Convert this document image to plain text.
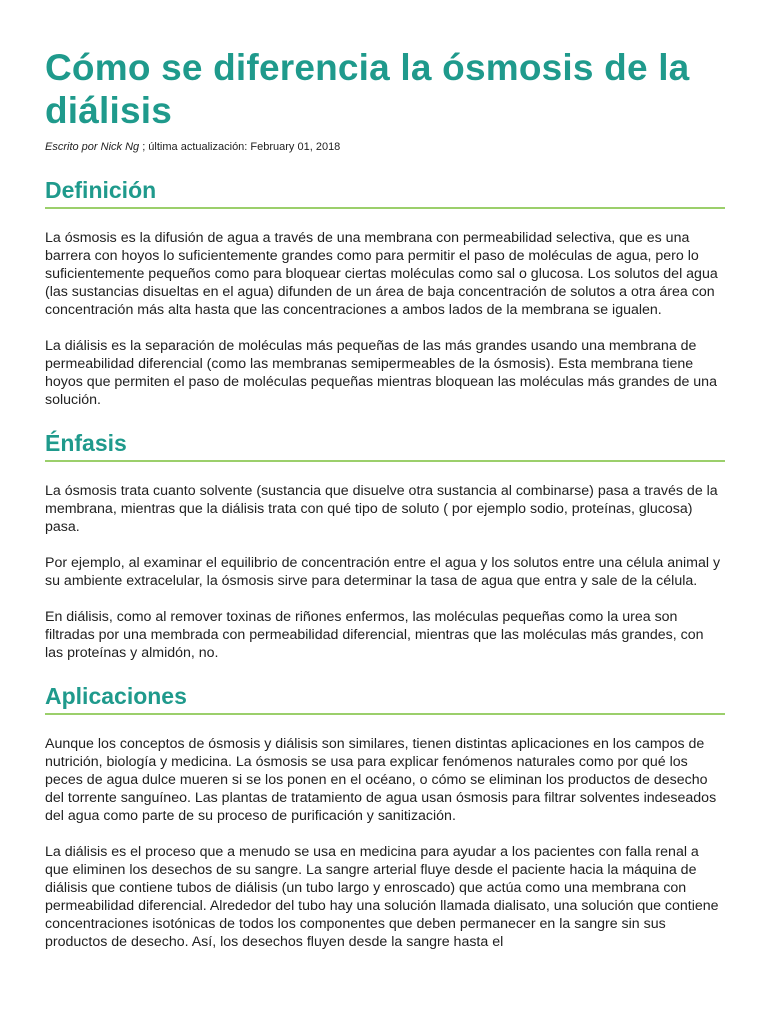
Cómo se diferencia la ósmosis de la diálisis
Escrito por Nick Ng ; última actualización: February 01, 2018
Definición

La ósmosis es la difusión de agua a través de una membrana con permeabilidad selectiva, que es una barrera con hoyos lo suficientemente grandes como para permitir el paso de moléculas de agua, pero lo suficientemente pequeños como para bloquear ciertas moléculas como sal o glucosa. Los solutos del agua (las sustancias disueltas en el agua) difunden de un área de baja concentración de solutos a otra área con concentración más alta hasta que las concentraciones a ambos lados de la membrana se igualen.

La diálisis es la separación de moléculas más pequeñas de las más grandes usando una membrana de permeabilidad diferencial (como las membranas semipermeables de la ósmosis). Esta membrana tiene hoyos que permiten el paso de moléculas pequeñas mientras bloquean las moléculas más grandes de una solución.

Énfasis

La ósmosis trata cuanto solvente (sustancia que disuelve otra sustancia al combinarse) pasa a través de la membrana, mientras que la diálisis trata con qué tipo de soluto ( por ejemplo sodio, proteínas, glucosa) pasa.

Por ejemplo, al examinar el equilibrio de concentración entre el agua y los solutos entre una célula animal y su ambiente extracelular, la ósmosis sirve para determinar la tasa de agua que entra y sale de la célula.

En diálisis, como al remover toxinas de riñones enfermos, las moléculas pequeñas como la urea son filtradas por una membrada con permeabilidad diferencial, mientras que las moléculas más grandes, con las proteínas y almidón, no.

Aplicaciones

Aunque los conceptos de ósmosis y diálisis son similares, tienen distintas aplicaciones en los campos de nutrición, biología y medicina. La ósmosis se usa para explicar fenómenos naturales como por qué los peces de agua dulce mueren si se los ponen en el océano, o cómo se eliminan los productos de desecho del torrente sanguíneo. Las plantas de tratamiento de agua usan ósmosis para filtrar solventes indeseados del agua como parte de su proceso de purificación y sanitización.

La diálisis es el proceso que a menudo se usa en medicina para ayudar a los pacientes con falla renal a que eliminen los desechos de su sangre. La sangre arterial fluye desde el paciente hacia la máquina de diálisis que contiene tubos de diálisis (un tubo largo y enroscado) que actúa como una membrana con permeabilidad diferencial. Alrededor del tubo hay una solución llamada dialisato, una solución que contiene concentraciones isotónicas de todos los componentes que deben permanecer en la sangre sin sus productos de desecho. Así, los desechos fluyen desde la sangre hasta el
